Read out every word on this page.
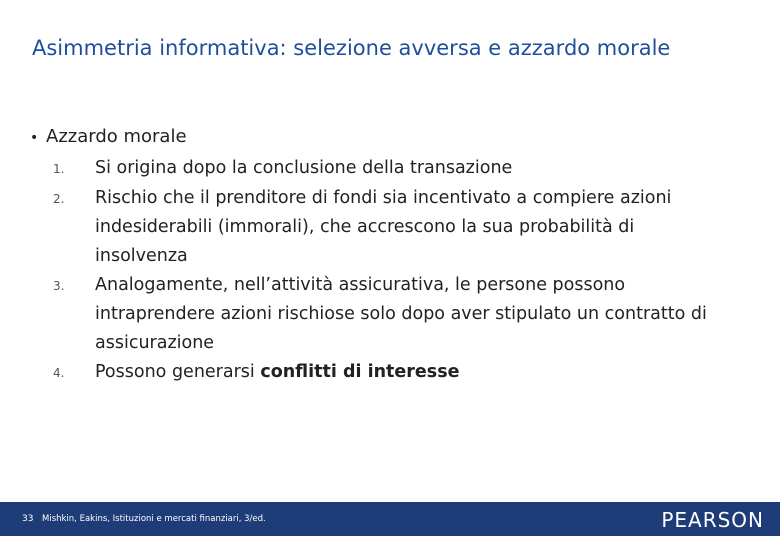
Asimmetria informativa: selezione avversa e azzardo morale
• Azzardo morale
1.	Si origina dopo la conclusione della transazione
2.	Rischio che il prenditore di fondi sia incentivato a compiere azioni indesiderabili (immorali), che accrescono la sua probabilità di insolvenza
3.	Analogamente, nell’attività assicurativa, le persone possono intraprendere azioni rischiose solo dopo aver stipulato un contratto di assicurazione
4.	Possono generarsi conflitti di interesse
33	Mishkin, Eakins, Istituzioni e mercati finanziari, 3/ed.	PEARSON
